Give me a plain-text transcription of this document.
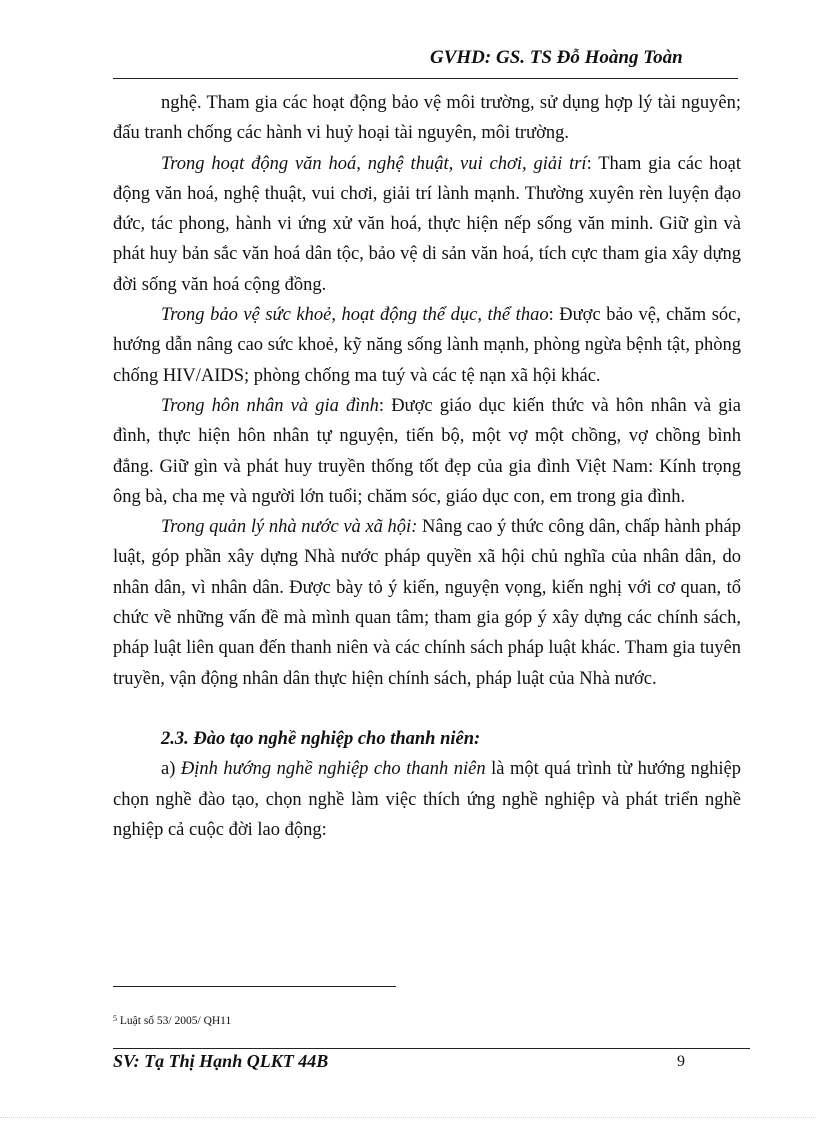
GVHD: GS. TS Đỗ Hoàng Toàn

nghệ. Tham gia các hoạt động bảo vệ môi trường, sử dụng hợp lý tài nguyên; đấu tranh chống các hành vi huỷ hoại tài nguyên, môi trường.

Trong hoạt động văn hoá, nghệ thuật, vui chơi, giải trí: Tham gia các hoạt động văn hoá, nghệ thuật, vui chơi, giải trí lành mạnh. Thường xuyên rèn luyện đạo đức, tác phong, hành vi ứng xử văn hoá, thực hiện nếp sống văn minh. Giữ gìn và phát huy bản sắc văn hoá dân tộc, bảo vệ di sản văn hoá, tích cực tham gia xây dựng đời sống văn hoá cộng đồng.

Trong bảo vệ sức khoẻ, hoạt động thể dục, thể thao: Được bảo vệ, chăm sóc, hướng dẫn nâng cao sức khoẻ, kỹ năng sống lành mạnh, phòng ngừa bệnh tật, phòng chống HIV/AIDS; phòng chống ma tuý và các tệ nạn xã hội khác.

Trong hôn nhân và gia đình: Được giáo dục kiến thức và hôn nhân và gia đình, thực hiện hôn nhân tự nguyện, tiến bộ, một vợ một chồng, vợ chồng bình đẳng. Giữ gìn và phát huy truyền thống tốt đẹp của gia đình Việt Nam: Kính trọng ông bà, cha mẹ và người lớn tuổi; chăm sóc, giáo dục con, em trong gia đình.

Trong quản lý nhà nước và xã hội: Nâng cao ý thức công dân, chấp hành pháp luật, góp phần xây dựng Nhà nước pháp quyền xã hội chủ nghĩa của nhân dân, do nhân dân, vì nhân dân. Được bày tỏ ý kiến, nguyện vọng, kiến nghị với cơ quan, tổ chức về những vấn đề mà mình quan tâm; tham gia góp ý xây dựng các chính sách, pháp luật liên quan đến thanh niên và các chính sách pháp luật khác. Tham gia tuyên truyền, vận động nhân dân thực hiện chính sách, pháp luật của Nhà nước.

2.3. Đào tạo nghề nghiệp cho thanh niên:

a) Định hướng nghề nghiệp cho thanh niên là một quá trình từ hướng nghiệp chọn nghề đào tạo, chọn nghề làm việc thích ứng nghề nghiệp và phát triển nghề nghiệp cả cuộc đời lao động:

$^5$ Luật số 53/ 2005/ QH11
SV: Tạ Thị Hạnh QLKT 44B	9
